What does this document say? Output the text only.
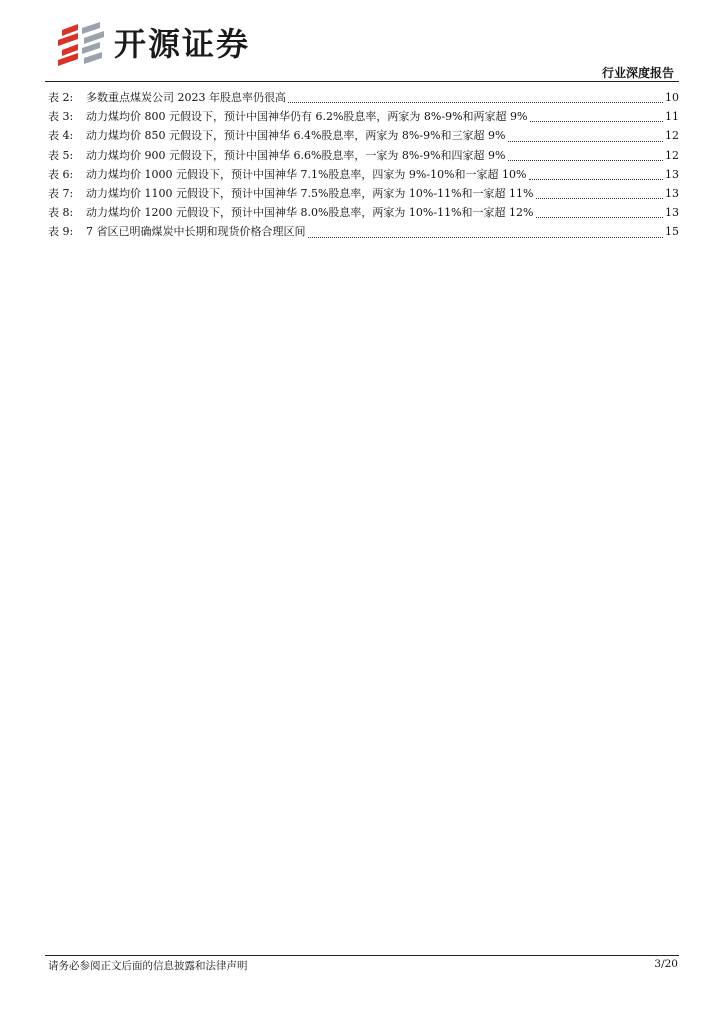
开源证券
行业深度报告
表 2:	多数重点煤炭公司 2023 年股息率仍很高	10
表 3:	动力煤均价 800 元假设下，预计中国神华仍有 6.2%股息率，两家为 8%-9%和两家超 9%	11
表 4:	动力煤均价 850 元假设下，预计中国神华 6.4%股息率，两家为 8%-9%和三家超 9%	12
表 5:	动力煤均价 900 元假设下，预计中国神华 6.6%股息率，一家为 8%-9%和四家超 9%	12
表 6:	动力煤均价 1000 元假设下，预计中国神华 7.1%股息率，四家为 9%-10%和一家超 10%	13
表 7:	动力煤均价 1100 元假设下，预计中国神华 7.5%股息率，两家为 10%-11%和一家超 11%	13
表 8:	动力煤均价 1200 元假设下，预计中国神华 8.0%股息率，两家为 10%-11%和一家超 12%	13
表 9:	7 省区已明确煤炭中长期和现货价格合理区间	15
请务必参阅正文后面的信息披露和法律声明	3/20
